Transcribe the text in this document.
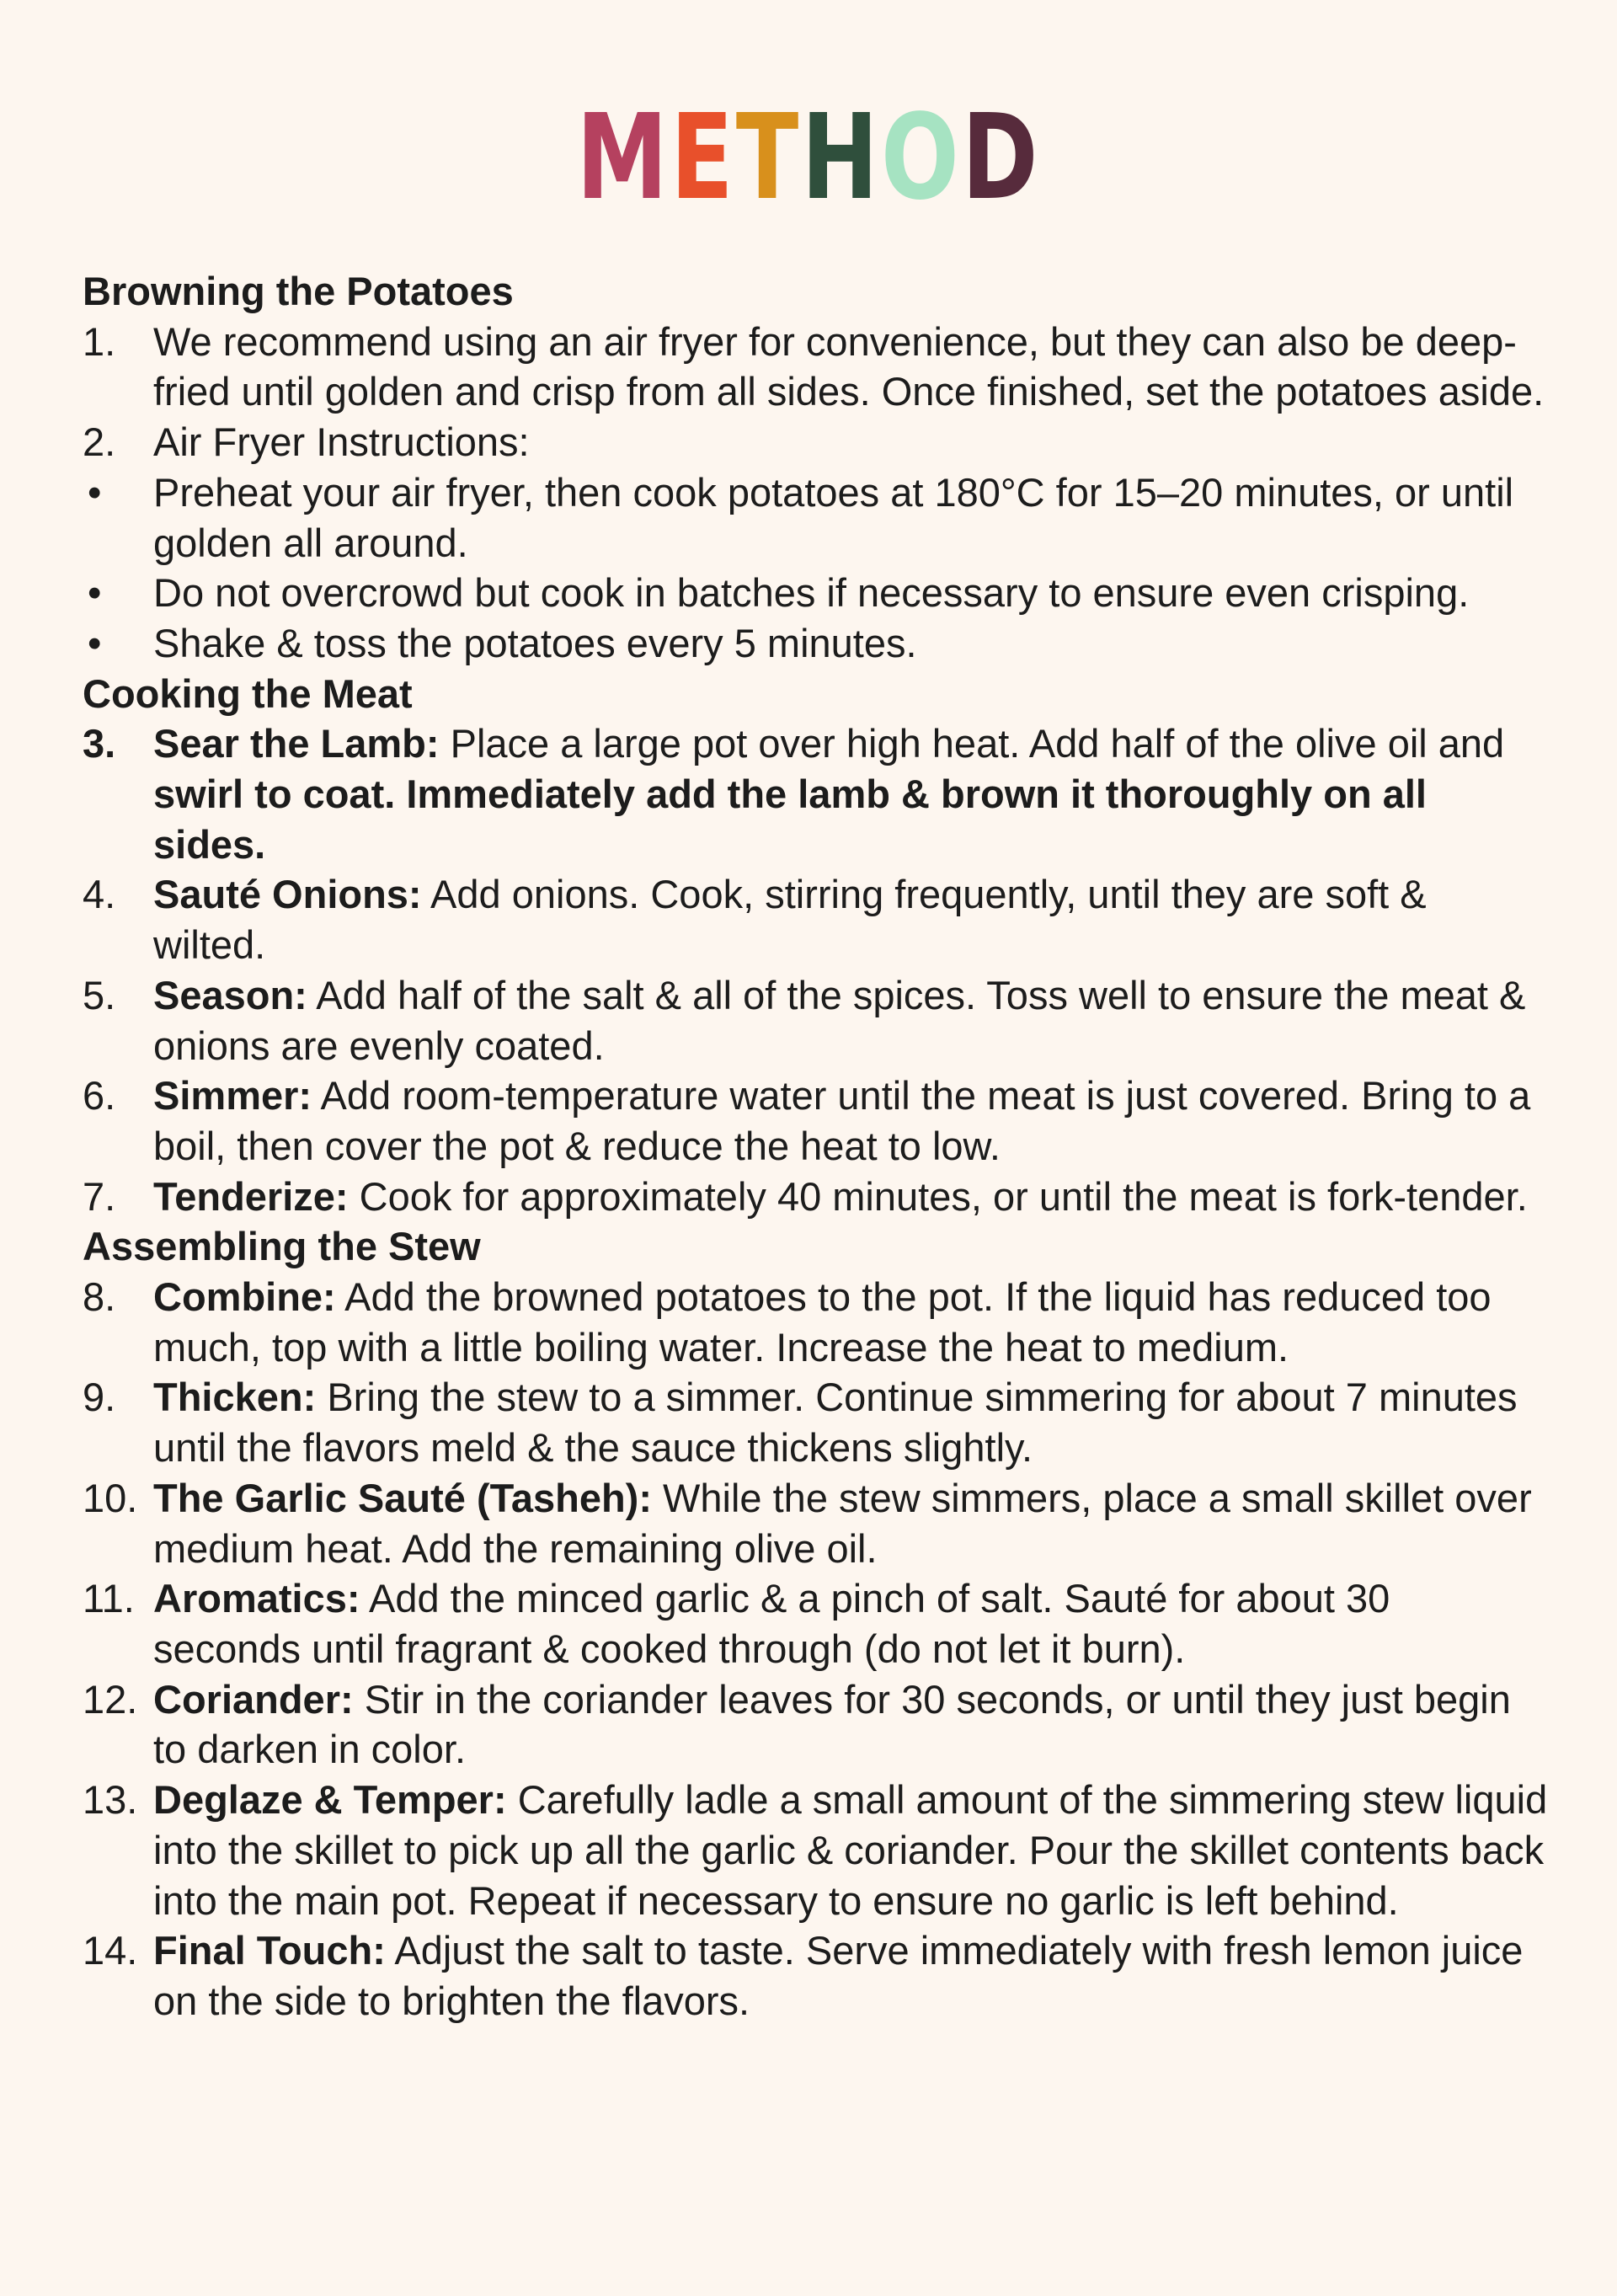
METHOD
Browning the Potatoes
1. We recommend using an air fryer for convenience, but they can also be deep-fried until golden and crisp from all sides. Once finished, set the potatoes aside.
2. Air Fryer Instructions:
• Preheat your air fryer, then cook potatoes at 180°C for 15–20 minutes, or until golden all around.
• Do not overcrowd but cook in batches if necessary to ensure even crisping.
• Shake & toss the potatoes every 5 minutes.
Cooking the Meat
3. Sear the Lamb: Place a large pot over high heat. Add half of the olive oil and swirl to coat. Immediately add the lamb & brown it thoroughly on all sides.
4. Sauté Onions: Add onions. Cook, stirring frequently, until they are soft & wilted.
5. Season: Add half of the salt & all of the spices. Toss well to ensure the meat & onions are evenly coated.
6. Simmer: Add room-temperature water until the meat is just covered. Bring to a boil, then cover the pot & reduce the heat to low.
7. Tenderize: Cook for approximately 40 minutes, or until the meat is fork-tender.
Assembling the Stew
8. Combine: Add the browned potatoes to the pot. If the liquid has reduced too much, top with a little boiling water. Increase the heat to medium.
9. Thicken: Bring the stew to a simmer. Continue simmering for about 7 minutes until the flavors meld & the sauce thickens slightly.
10. The Garlic Sauté (Tasheh): While the stew simmers, place a small skillet over medium heat. Add the remaining olive oil.
11. Aromatics: Add the minced garlic & a pinch of salt. Sauté for about 30 seconds until fragrant & cooked through (do not let it burn).
12. Coriander: Stir in the coriander leaves for 30 seconds, or until they just begin to darken in color.
13. Deglaze & Temper: Carefully ladle a small amount of the simmering stew liquid into the skillet to pick up all the garlic & coriander. Pour the skillet contents back into the main pot. Repeat if necessary to ensure no garlic is left behind.
14. Final Touch: Adjust the salt to taste. Serve immediately with fresh lemon juice on the side to brighten the flavors.
